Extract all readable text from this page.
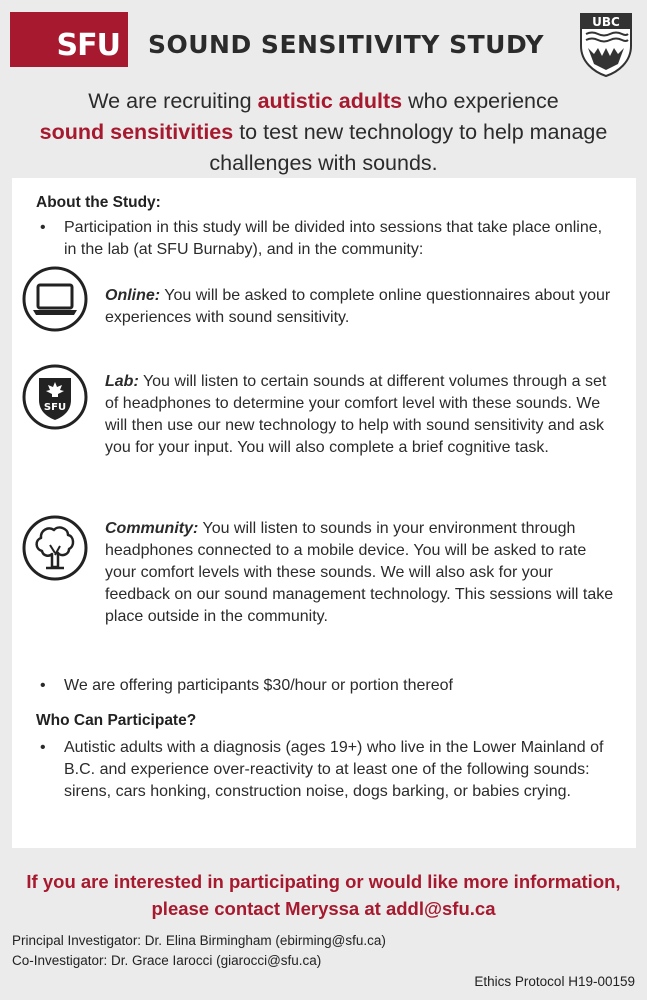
SFU	SOUND SENSITIVITY STUDY
UBC
We are recruiting autistic adults who experience
sound sensitivities to test new technology to help manage challenges with sounds.
About the Study:
• Participation in this study will be divided into sessions that take place online, in the lab (at SFU Burnaby), and in the community:
Online: You will be asked to complete online questionnaires about your experiences with sound sensitivity.
SFU
Lab: You will listen to certain sounds at different volumes through a set of headphones to determine your comfort level with these sounds. We will then use our new technology to help with sound sensitivity and ask you for your input. You will also complete a brief cognitive task.
Community: You will listen to sounds in your environment through headphones connected to a mobile device. You will be asked to rate your comfort levels with these sounds. We will also ask for your feedback on our sound management technology. This sessions will take place outside in the community.
• We are offering participants $30/hour or portion thereof
Who Can Participate?
• Autistic adults with a diagnosis (ages 19+) who live in the Lower Mainland of B.C. and experience over-reactivity to at least one of the following sounds: sirens, cars honking, construction noise, dogs barking, or babies crying.
If you are interested in participating or would like more information, please contact Meryssa at addl@sfu.ca
Principal Investigator: Dr. Elina Birmingham (ebirming@sfu.ca)
Co-Investigator: Dr. Grace Iarocci (giarocci@sfu.ca)
Ethics Protocol H19-00159
